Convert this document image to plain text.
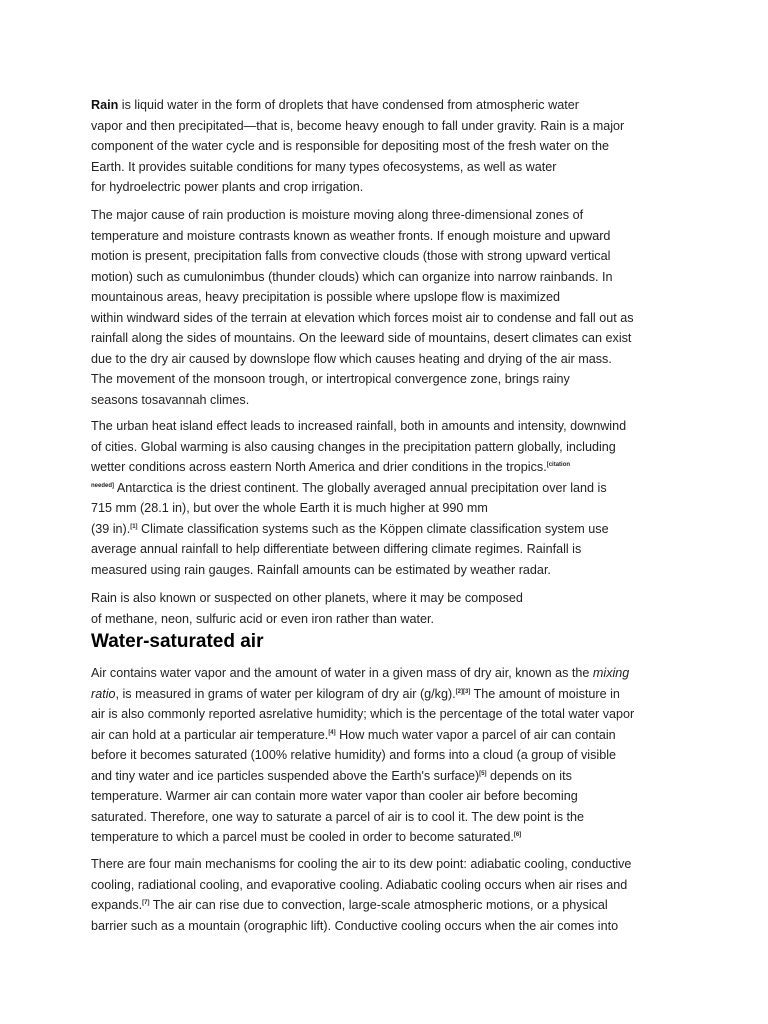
Rain is liquid water in the form of droplets that have condensed from atmospheric water
vapor and then precipitated—that is, become heavy enough to fall under gravity. Rain is a major
component of the water cycle and is responsible for depositing most of the fresh water on the
Earth. It provides suitable conditions for many types ofecosystems, as well as water
for hydroelectric power plants and crop irrigation.

The major cause of rain production is moisture moving along three-dimensional zones of
temperature and moisture contrasts known as weather fronts. If enough moisture and upward
motion is present, precipitation falls from convective clouds (those with strong upward vertical
motion) such as cumulonimbus (thunder clouds) which can organize into narrow rainbands. In
mountainous areas, heavy precipitation is possible where upslope flow is maximized
within windward sides of the terrain at elevation which forces moist air to condense and fall out as
rainfall along the sides of mountains. On the leeward side of mountains, desert climates can exist
due to the dry air caused by downslope flow which causes heating and drying of the air mass.
The movement of the monsoon trough, or intertropical convergence zone, brings rainy
seasons tosavannah climes.

The urban heat island effect leads to increased rainfall, both in amounts and intensity, downwind
of cities. Global warming is also causing changes in the precipitation pattern globally, including
wetter conditions across eastern North America and drier conditions in the tropics.$^{[citation}$
$^{needed]}$ Antarctica is the driest continent. The globally averaged annual precipitation over land is
715 mm (28.1 in), but over the whole Earth it is much higher at 990 mm
(39 in).[1] Climate classification systems such as the Köppen climate classification system use
average annual rainfall to help differentiate between differing climate regimes. Rainfall is
measured using rain gauges. Rainfall amounts can be estimated by weather radar.

Rain is also known or suspected on other planets, where it may be composed
of methane, neon, sulfuric acid or even iron rather than water.

Water-saturated air

Air contains water vapor and the amount of water in a given mass of dry air, known as the mixing
ratio, is measured in grams of water per kilogram of dry air (g/kg).[2][3] The amount of moisture in
air is also commonly reported asrelative humidity; which is the percentage of the total water vapor
air can hold at a particular air temperature.[4] How much water vapor a parcel of air can contain
before it becomes saturated (100% relative humidity) and forms into a cloud (a group of visible
and tiny water and ice particles suspended above the Earth's surface)[5] depends on its
temperature. Warmer air can contain more water vapor than cooler air before becoming
saturated. Therefore, one way to saturate a parcel of air is to cool it. The dew point is the
temperature to which a parcel must be cooled in order to become saturated.[6]

There are four main mechanisms for cooling the air to its dew point: adiabatic cooling, conductive
cooling, radiational cooling, and evaporative cooling. Adiabatic cooling occurs when air rises and
expands.[7] The air can rise due to convection, large-scale atmospheric motions, or a physical
barrier such as a mountain (orographic lift). Conductive cooling occurs when the air comes into
